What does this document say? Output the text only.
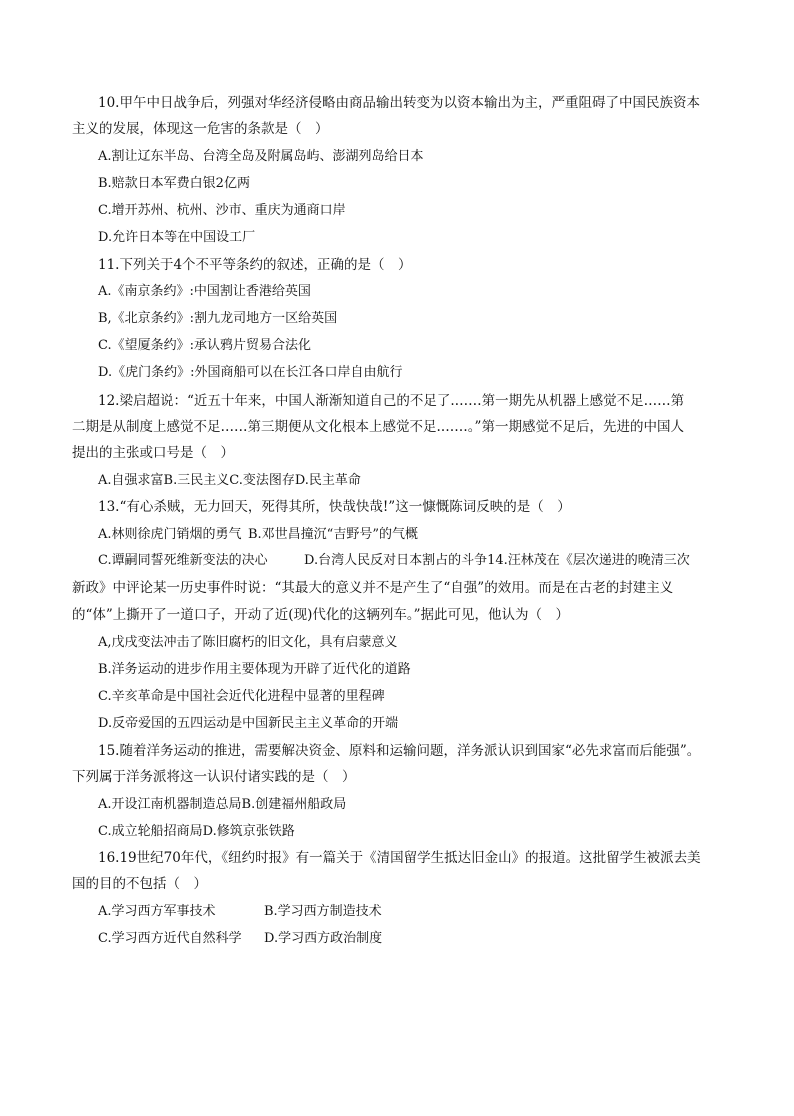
10.甲午中日战争后，列强对华经济侵略由商品输出转变为以资本输出为主，严重阻碍了中国民族资本
主义的发展，体现这一危害的条款是（　）
A.割让辽东半岛、台湾全岛及附属岛屿、澎湖列岛给日本
B.赔款日本军费白银2亿两
C.增开苏州、杭州、沙市、重庆为通商口岸
D.允许日本等在中国设工厂
11.下列关于4个不平等条约的叙述，正确的是（　）
A.《南京条约》:中国割让香港给英国
B,《北京条约》:割九龙司地方一区给英国
C.《望厦条约》:承认鸦片贸易合法化
D.《虎门条约》:外国商船可以在长江各口岸自由航行
12.梁启超说：“近五十年来，中国人渐渐知道自己的不足了.……第一期先从机器上感觉不足……第
二期是从制度上感觉不足……第三期便从文化根本上感觉不足.……。”第一期感觉不足后，先进的中国人
提出的主张或口号是（　）
A.自强求富B.三民主义C.变法图存D.民主革命
13.“有心杀贼，无力回天，死得其所，快哉快哉!”这一慷慨陈词反映的是（　）
A.林则徐虎门销烟的勇气 B.邓世昌撞沉“吉野号”的气概
C.谭嗣同誓死维新变法的决心	D.台湾人民反对日本割占的斗争14.汪林茂在《层次递进的晚清三次
新政》中评论某一历史事件时说：“其最大的意义并不是产生了“自强”的效用。而是在古老的封建主义
的“体”上撕开了一道口子，开动了近(现)代化的这辆列车。”据此可见，他认为（　）
A,戊戌变法冲击了陈旧腐朽的旧文化，具有启蒙意义
B.洋务运动的进步作用主要体现为开辟了近代化的道路
C.辛亥革命是中国社会近代化进程中显著的里程碑
D.反帝爱国的五四运动是中国新民主主义革命的开端
15.随着洋务运动的推进，需要解决资金、原料和运输问题，洋务派认识到国家“必先求富而后能强”。
下列属于洋务派将这一认识付诸实践的是（　）
A.开设江南机器制造总局B.创建福州船政局
C.成立轮船招商局D.修筑京张铁路
16.19世纪70年代，《纽约时报》有一篇关于《清国留学生抵达旧金山》的报道。这批留学生被派去美
国的目的不包括（　）
A.学习西方军事技术	B.学习西方制造技术
C.学习西方近代自然科学 D.学习西方政治制度
